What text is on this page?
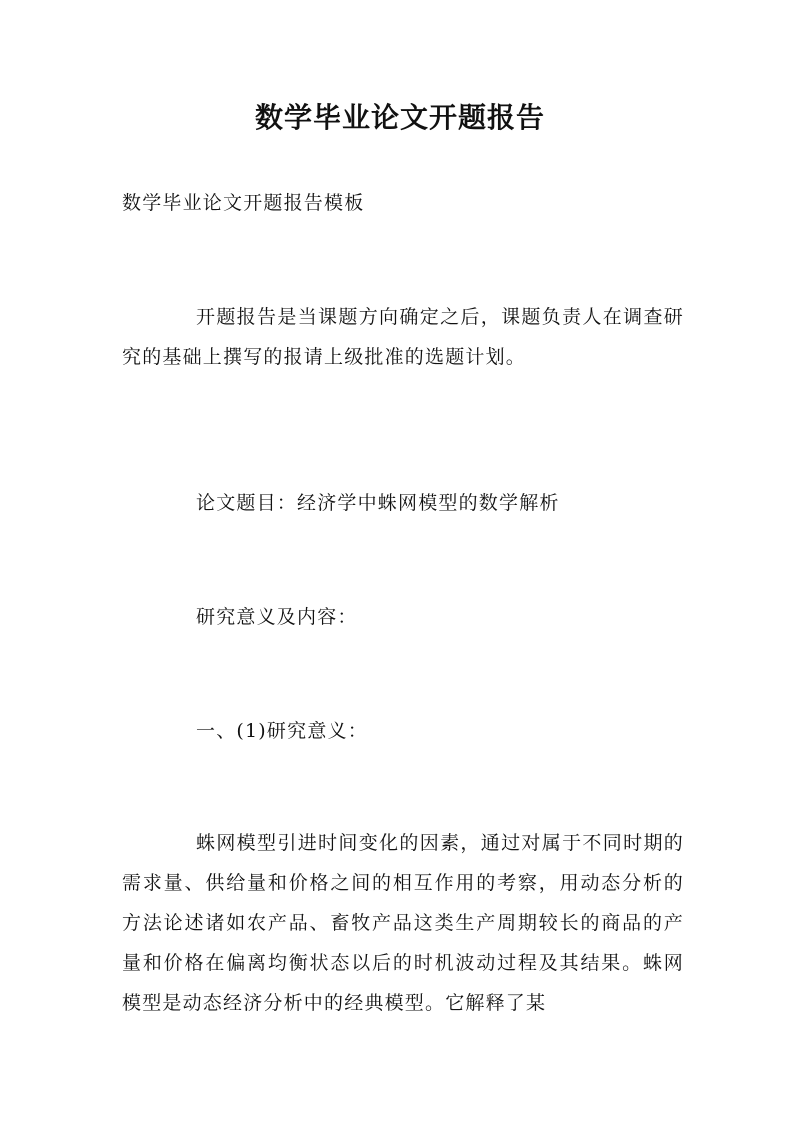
数学毕业论文开题报告
数学毕业论文开题报告模板
开题报告是当课题方向确定之后，课题负责人在调查研究的基础上撰写的报请上级批准的选题计划。
论文题目：经济学中蛛网模型的数学解析
研究意义及内容：
一、(1)研究意义：
蛛网模型引进时间变化的因素，通过对属于不同时期的需求量、供给量和价格之间的相互作用的考察，用动态分析的方法论述诸如农产品、畜牧产品这类生产周期较长的商品的产量和价格在偏离均衡状态以后的时机波动过程及其结果。蛛网模型是动态经济分析中的经典模型。它解释了某
